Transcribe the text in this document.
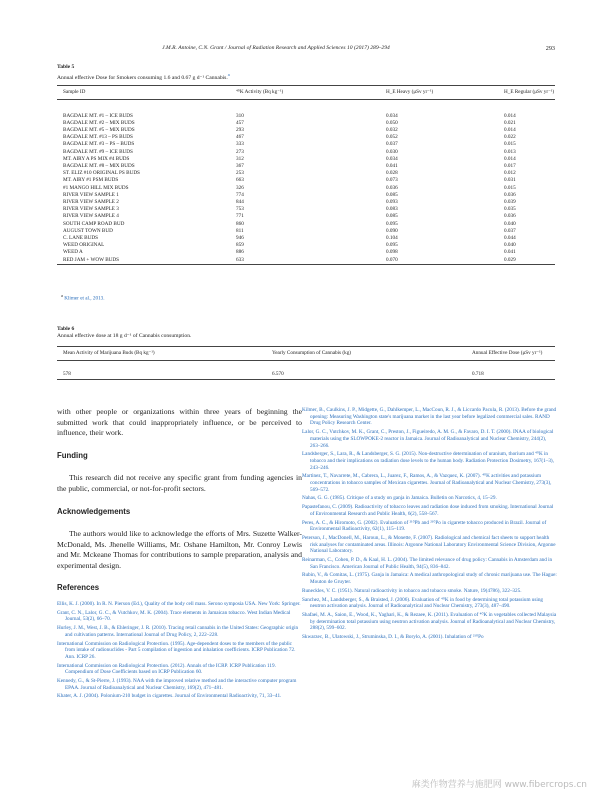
J.M.R. Antoine, C.N. Grant / Journal of Radiation Research and Applied Sciences 10 (2017) 289–294	293
Table 5
Annual effective Dose for Smokers consuming 1.6 and 0.67 g d⁻¹ Cannabis.$^a$
Sample ID	⁴⁰K Activity (Bq kg⁻¹)	H_E Heavy (μSv yr⁻¹)	H_E Regular (μSv yr⁻¹)
BAGDALE MT. #1 – ICE BUDS	310	0.034	0.014
BAGDALE MT. #2 – MIX BUDS	457	0.050	0.021
BAGDALE MT. #5 – MIX BUDS	293	0.032	0.014
BAGDALE MT. #13 – PS BUDS	467	0.052	0.022
BAGDALE MT. #3 – PS – BUDS	333	0.037	0.015
BAGDALE MT. #9 – ICE BUDS	273	0.030	0.013
MT. AIRY A PS MIX #4 BUDS	312	0.034	0.014
BAGDALE MT. #8 – MIX BUDS	367	0.041	0.017
ST. ELIZ #10 ORIGINAL PS BUDS	253	0.028	0.012
MT. AIRY #1 PSM BUDS	663	0.073	0.031
#1 MANGO HILL MIX BUDS	326	0.036	0.015
RIVER VIEW SAMPLE 1	774	0.085	0.036
RIVER VIEW SAMPLE 2	844	0.093	0.039
RIVER VIEW SAMPLE 3	753	0.083	0.035
RIVER VIEW SAMPLE 4	771	0.085	0.036
SOUTH CAMP ROAD BUD	860	0.095	0.040
AUGUST TOWN BUD	811	0.090	0.037
C. LANE BUDS	946	0.104	0.044
WEED ORIGINAL	859	0.095	0.040
WEED A	886	0.098	0.041
RED JAM + WOW BUDS	633	0.070	0.029
$^a$ Klimer et al., 2013.
Table 6
Annual effective dose at 18 g d⁻¹ of Cannabis consumption.
Mean Activity of Marijuana Buds (Bq kg⁻¹)	Yearly Consumption of Cannabis (kg)	Annual Effective Dose (μSv yr⁻¹)
578	6.570	0.718

with other people or organizations within three years of beginning the submitted work that could inappropriately influence, or be perceived to influence, their work.

Funding

This research did not receive any specific grant from funding agencies in the public, commercial, or not-for-profit sectors.

Acknowledgements

The authors would like to acknowledge the efforts of Mrs. Suzette Walker-McDonald, Ms. Jhenelle Williams, Mr. Oshane Hamilton, Mr. Conroy Lewis and Mr. Mckeane Thomas for contributions to sample preparation, analysis and experimental design.

References

Ellis, K. J. (2000). In R. N. Pierson (Ed.), Quality of the body cell mass. Serono symposia USA. New York: Springer.

Grant, C. N., Lalor, G. C., & Vutchkov, M. K. (2004). Trace elements in Jamaican tobacco. West Indian Medical Journal, 53(2), 66–70.

Hurley, J. M., West, J. B., & Ehleringer, J. R. (2010). Tracing retail cannabis in the United States: Geographic origin and cultivation patterns. International Journal of Drug Policy, 2, 222–228.

International Commission on Radiological Protection. (1995). Age-dependent doses to the members of the public from intake of radionuclides - Part 5 compilation of ingestion and inhalation coefficients. ICRP Publication 72. Ann. ICRP 26.

International Commission on Radiological Protection. (2012). Annals of the ICRP. ICRP Publication 119. Compendium of Dose Coefficients based on ICRP Publication 60.

Kennedy, G., & St-Pierre, J. (1993). NAA with the improved relative method and the interactive computer program EPAA. Journal of Radioanalytical and Nuclear Chemistry, 169(2), 471–481.

Khater, A. J. (2004). Polonium-210 budget in cigarettes. Journal of Environmental Radioactivity, 71, 33–41.

Kilmer, B., Caulkins, J. P., Midgette, G., Dahlkemper, L., MacCoun, R. J., & Liccardo Pacula, R. (2013). Before the grand opening: Measuring Washington state's marijuana market in the last year before legalized commercial sales. RAND Drug Policy Research Center.

Lalor, G. C., Vutchkov, M. K., Grant, C., Preston, J., Figueiredo, A. M. G., & Favaro, D. I. T. (2000). INAA of biological materials using the SLOWPOKE-2 reactor in Jamaica. Journal of Radioanalytical and Nuclear Chemistry, 244(2), 263–266.

Landsberger, S., Lara, R., & Landsberger, S. G. (2015). Non-destructive determination of uranium, thorium and ⁴⁰K in tobacco and their implications on radiation dose levels to the human body. Radiation Protection Dosimetry, 167(1–3), 243–246.

Martinez, T., Navarrete, M., Cabrera, L., Juarez, F., Ramos, A., & Vazquez, K. (2007). ⁴⁰K activities and potassium concentrations in tobacco samples of Mexican cigarettes. Journal of Radioanalytical and Nuclear Chemistry, 273(3), 569–572.

Nahas, G. G. (1985). Critique of a study on ganja in Jamaica. Bulletin on Narcotics, 4, 15–29.

Papastefanou, C. (2009). Radioactivity of tobacco leaves and radiation dose induced from smoking. International Journal of Environmental Research and Public Health, 6(2), 558–567.

Peres, A. C., & Hiromoto, G. (2002). Evaluation of ²¹⁰Pb and ²¹⁰Po in cigarette tobacco produced in Brazil. Journal of Environmental Radioactivity, 62(1), 115–119.

Peterson, J., MacDonell, M., Haroun, L., & Monette, F. (2007). Radiological and chemical fact sheets to support health risk analyses for contaminated areas. Illinois: Argonne National Laboratory Environmental Science Division, Argonne National Laboratory.

Reinarman, C., Cohen, P. D., & Kaal, H. L. (2004). The limited relevance of drug policy: Cannabis in Amsterdam and in San Francisco. American Journal of Public Health, 94(5), 836–842.

Rubin, V., & Comitas, L. (1975). Ganja in Jamaica: A medical anthropological study of chronic marijuana use. The Hague: Mouton de Gruyter.

Runeckles, V. C. (1951). Natural radioactivity in tobacco and tobacco smoke. Nature, 19(4786), 322–325.

Sanchez, M., Landsberger, S., & Braisted, J. (2006). Evaluation of ⁴⁰K in food by determining total potassium using neutron activation analysis. Journal of Radioanalytical and Nuclear Chemistry, 273(3), 487–490.

Shafaei, M. A., Saion, E., Wood, K., Yaghari, K., & Rezaee, K. (2011). Evaluation of ⁴⁰K in vegetables collected Malaysia by determination total potassium using neutron activation analysis. Journal of Radioanalytical and Nuclear Chemistry, 288(2), 599–602.

Skwarzec, B., Ulatowski, J., Struminska, D. I., & Borylo, A. (2001). Inhalation of ²¹⁰Po

麻类作物营养与施肥网 www.fibercrops.cn
